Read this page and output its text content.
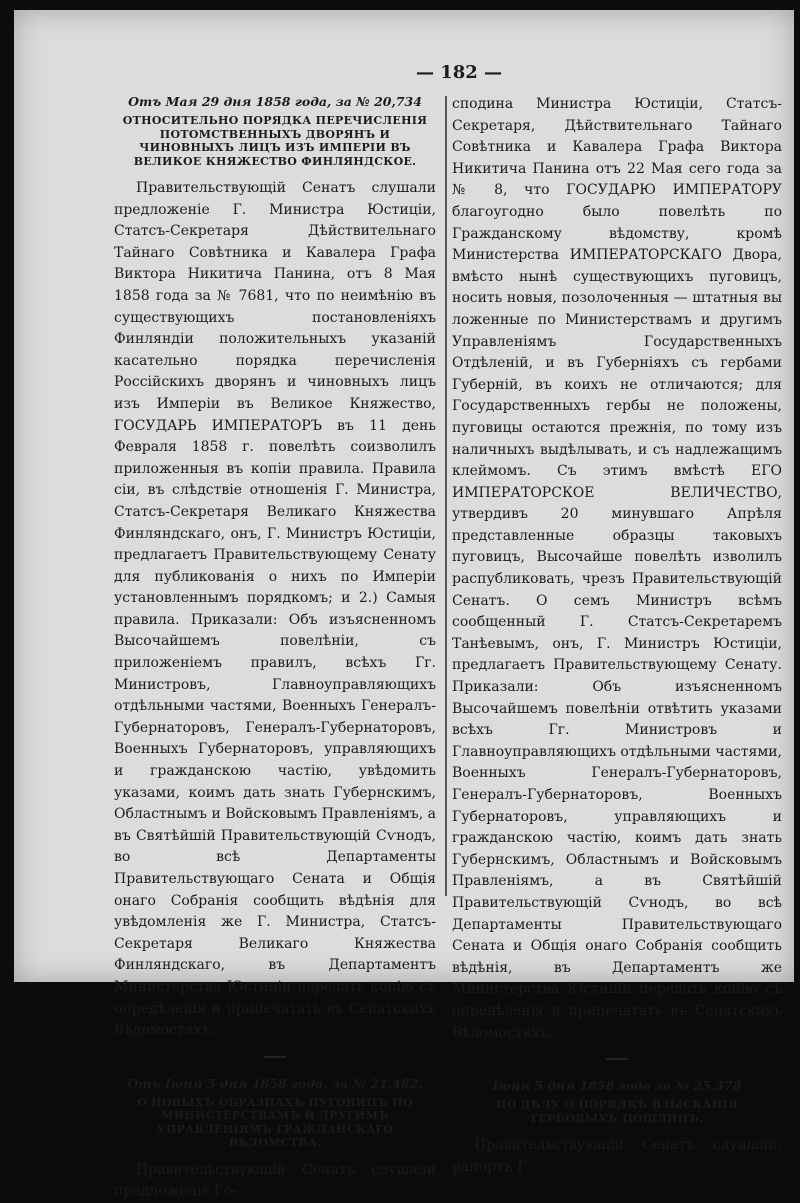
— 182 —
Отъ Мая 29 дня 1858 года, за № 20,734
ОТНОСИТЕЛЬНО ПОРЯДКА ПЕРЕЧИСЛЕНІЯ ПОТОМСТВЕННЫХЪ ДВОРЯНЪ И ЧИНОВНЫХЪ ЛИЦЪ ИЗЪ ИМПЕРІИ ВЪ ВЕЛИКОЕ КНЯЖЕСТВО ФИНЛЯНДСКОЕ.

Правительствующій Сенатъ слушали предложеніе Г. Министра Юстиціи, Статсъ-Секретаря Дѣйствительнаго Тайнаго Совѣтника и Кавалера Графа Виктора Никитича Панина, отъ 8 Мая 1858 года за № 7681, что по неимѣнію въ существующихъ постановленіяхъ Финляндіи положительныхъ указаній касательно порядка перечисленія Россійскихъ дворянъ и чиновныхъ лицъ изъ Имперіи въ Великое Княжество, ГОСУДАРЬ ИМПЕРАТОРЪ въ 11 день Февраля 1858 г. повелѣть соизволилъ приложенныя въ копіи правила. Правила сіи, въ слѣдствіе отношенія Г. Министра, Статсъ-Секретаря Великаго Княжества Финляндскаго, онъ, Г. Министръ Юстиціи, предлагаетъ Правительствующему Сенату для публикованія о нихъ по Имперіи установленнымъ порядкомъ; и 2.) Самыя правила. Приказали: Объ изъясненномъ Высочайшемъ повелѣніи, съ приложеніемъ правилъ, всѣхъ Гг. Министровъ, Главноуправляющихъ отдѣльными частями, Военныхъ Генералъ-Губернаторовъ, Генералъ-Губернаторовъ, Военныхъ Губернаторовъ, управляющихъ и гражданскою частію, увѣдомить указами, коимъ дать знать Губернскимъ, Областнымъ и Войсковымъ Правленіямъ, а въ Святѣйшій Правительствующій Сѵнодъ, во всѣ Департаменты Правительствующаго Сената и Общія онаго Собранія сообщить вѣдѣнія для увѣдомленія же Г. Министра, Статсъ-Секретаря Великаго Княжества Финляндскаго, въ Департаментъ Министерства Юстиціи передать копію съ опредѣленія и припечатать въ Сенатскихъ Вѣдомостяхъ.

Отъ Іюня 5 дня 1858 года, за № 21,482.
О НОВЫХЪ ОБРАЗЦАХЪ ПУГОВИЦЪ ПО МИНИСТЕРСТВАМЪ И ДРУГИМЪ УПРАВЛЕНІЯМЪ ГРАЖДАНСКАГО ВѢДОМСТВА.

Правительствующій Сенатъ слушали предложеніе Го-

сподина Министра Юстиціи, Статсъ-Секретаря, Дѣйствительнаго Тайнаго Совѣтника и Кавалера Графа Виктора Никитича Панина отъ 22 Мая сего года за № 8, что ГОСУДАРЮ ИМПЕРАТОРУ благоугодно было повелѣть по Гражданскому вѣдомству, кромѣ Министерства ИМПЕРАТОРСКАГО Двора, вмѣсто нынѣ существующихъ пуговицъ, носить новыя, позолоченныя — штатныя вы ложенные по Министерствамъ и другимъ Управленіямъ Государственныхъ Отдѣленій, и въ Губерніяхъ съ гербами Губерній, въ коихъ не отличаются; для Государственныхъ гербы не положены, пуговицы остаются прежнія, по тому изъ наличныхъ выдѣлывать, и съ надлежащимъ клеймомъ. Съ этимъ вмѣстѣ ЕГО ИМПЕРАТОРСКОЕ ВЕЛИЧЕСТВО, утвердивъ 20 минувшаго Апрѣля представленные образцы таковыхъ пуговицъ, Высочайше повелѣть изволилъ распубликовать, чрезъ Правительствующій Сенатъ. О семъ Министръ всѣмъ сообщенный Г. Статсъ-Секретаремъ Танѣевымъ, онъ, Г. Министръ Юстиціи, предлагаетъ Правительствующему Сенату. Приказали: Объ изъясненномъ Высочайшемъ повелѣніи отвѣтить указами всѣхъ Гг. Министровъ и Главноуправляющихъ отдѣльными частями, Военныхъ Генералъ-Губернаторовъ, Генералъ-Губернаторовъ, Военныхъ Губернаторовъ, управляющихъ и гражданскою частію, коимъ дать знать Губернскимъ, Областнымъ и Войсковымъ Правленіямъ, а въ Святѣйшій Правительствующій Сѵнодъ, во всѣ Департаменты Правительствующаго Сената и Общія онаго Собранія сообщить вѣдѣнія, въ Департаментъ же Министерства Юстиціи передать копію съ опредѣленія и припечатать въ Сенатскихъ Вѣдомостяхъ.

Іюня 5 дня 1858 года за № 25,378
ПО ДѢЛУ О ПОРЯДКѢ ВЗЫСКАНІЯ ГЕРБОВЫХЪ ПОШЛИНЪ.

Правительствующій Сенатъ слушали: рапортъ Г.
